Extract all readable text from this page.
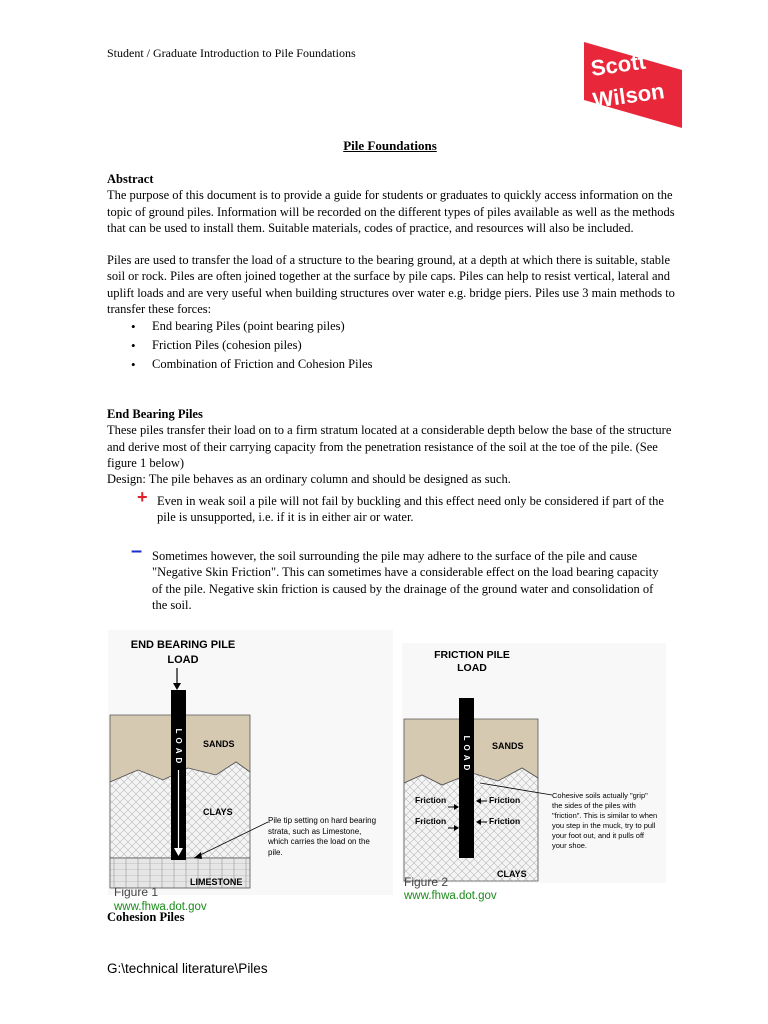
Student / Graduate Introduction to Pile Foundations	Scott
Wilson
Pile Foundations
Abstract
The purpose of this document is to provide a guide for students or graduates to quickly access information on the topic of ground piles. Information will be recorded on the different types of piles available as well as the methods that can be used to install them. Suitable materials, codes of practice, and resources will also be included.
Piles are used to transfer the load of a structure to the bearing ground, at a depth at which there is suitable, stable soil or rock. Piles are often joined together at the surface by pile caps. Piles can help to resist vertical, lateral and uplift loads and are very useful when building structures over water e.g. bridge piers. Piles use 3 main methods to transfer these forces:
• End bearing Piles (point bearing piles)
• Friction Piles (cohesion piles)
• Combination of Friction and Cohesion Piles
End Bearing Piles
These piles transfer their load on to a firm stratum located at a considerable depth below the base of the structure and derive most of their carrying capacity from the penetration resistance of the soil at the toe of the pile. (See figure 1 below)
Design: The pile behaves as an ordinary column and should be designed as such.
+ Even in weak soil a pile will not fail by buckling and this effect need only be considered if part of the pile is unsupported, i.e. if it is in either air or water.
– Sometimes however, the soil surrounding the pile may adhere to the surface of the pile and cause "Negative Skin Friction". This can sometimes have a considerable effect on the load bearing capacity of the pile. Negative skin friction is caused by the drainage of the ground water and consolidation of the soil.
END BEARING PILE
LOAD
SANDS
CLAYS
LIMESTONE
LOAD
Pile tip setting on hard bearing strata, such as Limestone, which carries the load on the pile.
Figure 1
www.fhwa.dot.gov
FRICTION PILE
LOAD
SANDS
CLAYS
LOAD
Friction
Friction
Friction
Friction
Cohesive soils actually "grip" the sides of the piles with "friction". This is similar to when you step in the muck, try to pull your foot out, and it pulls off your shoe.
Figure 2
www.fhwa.dot.gov
Cohesion Piles
G:\technical literature\Piles
